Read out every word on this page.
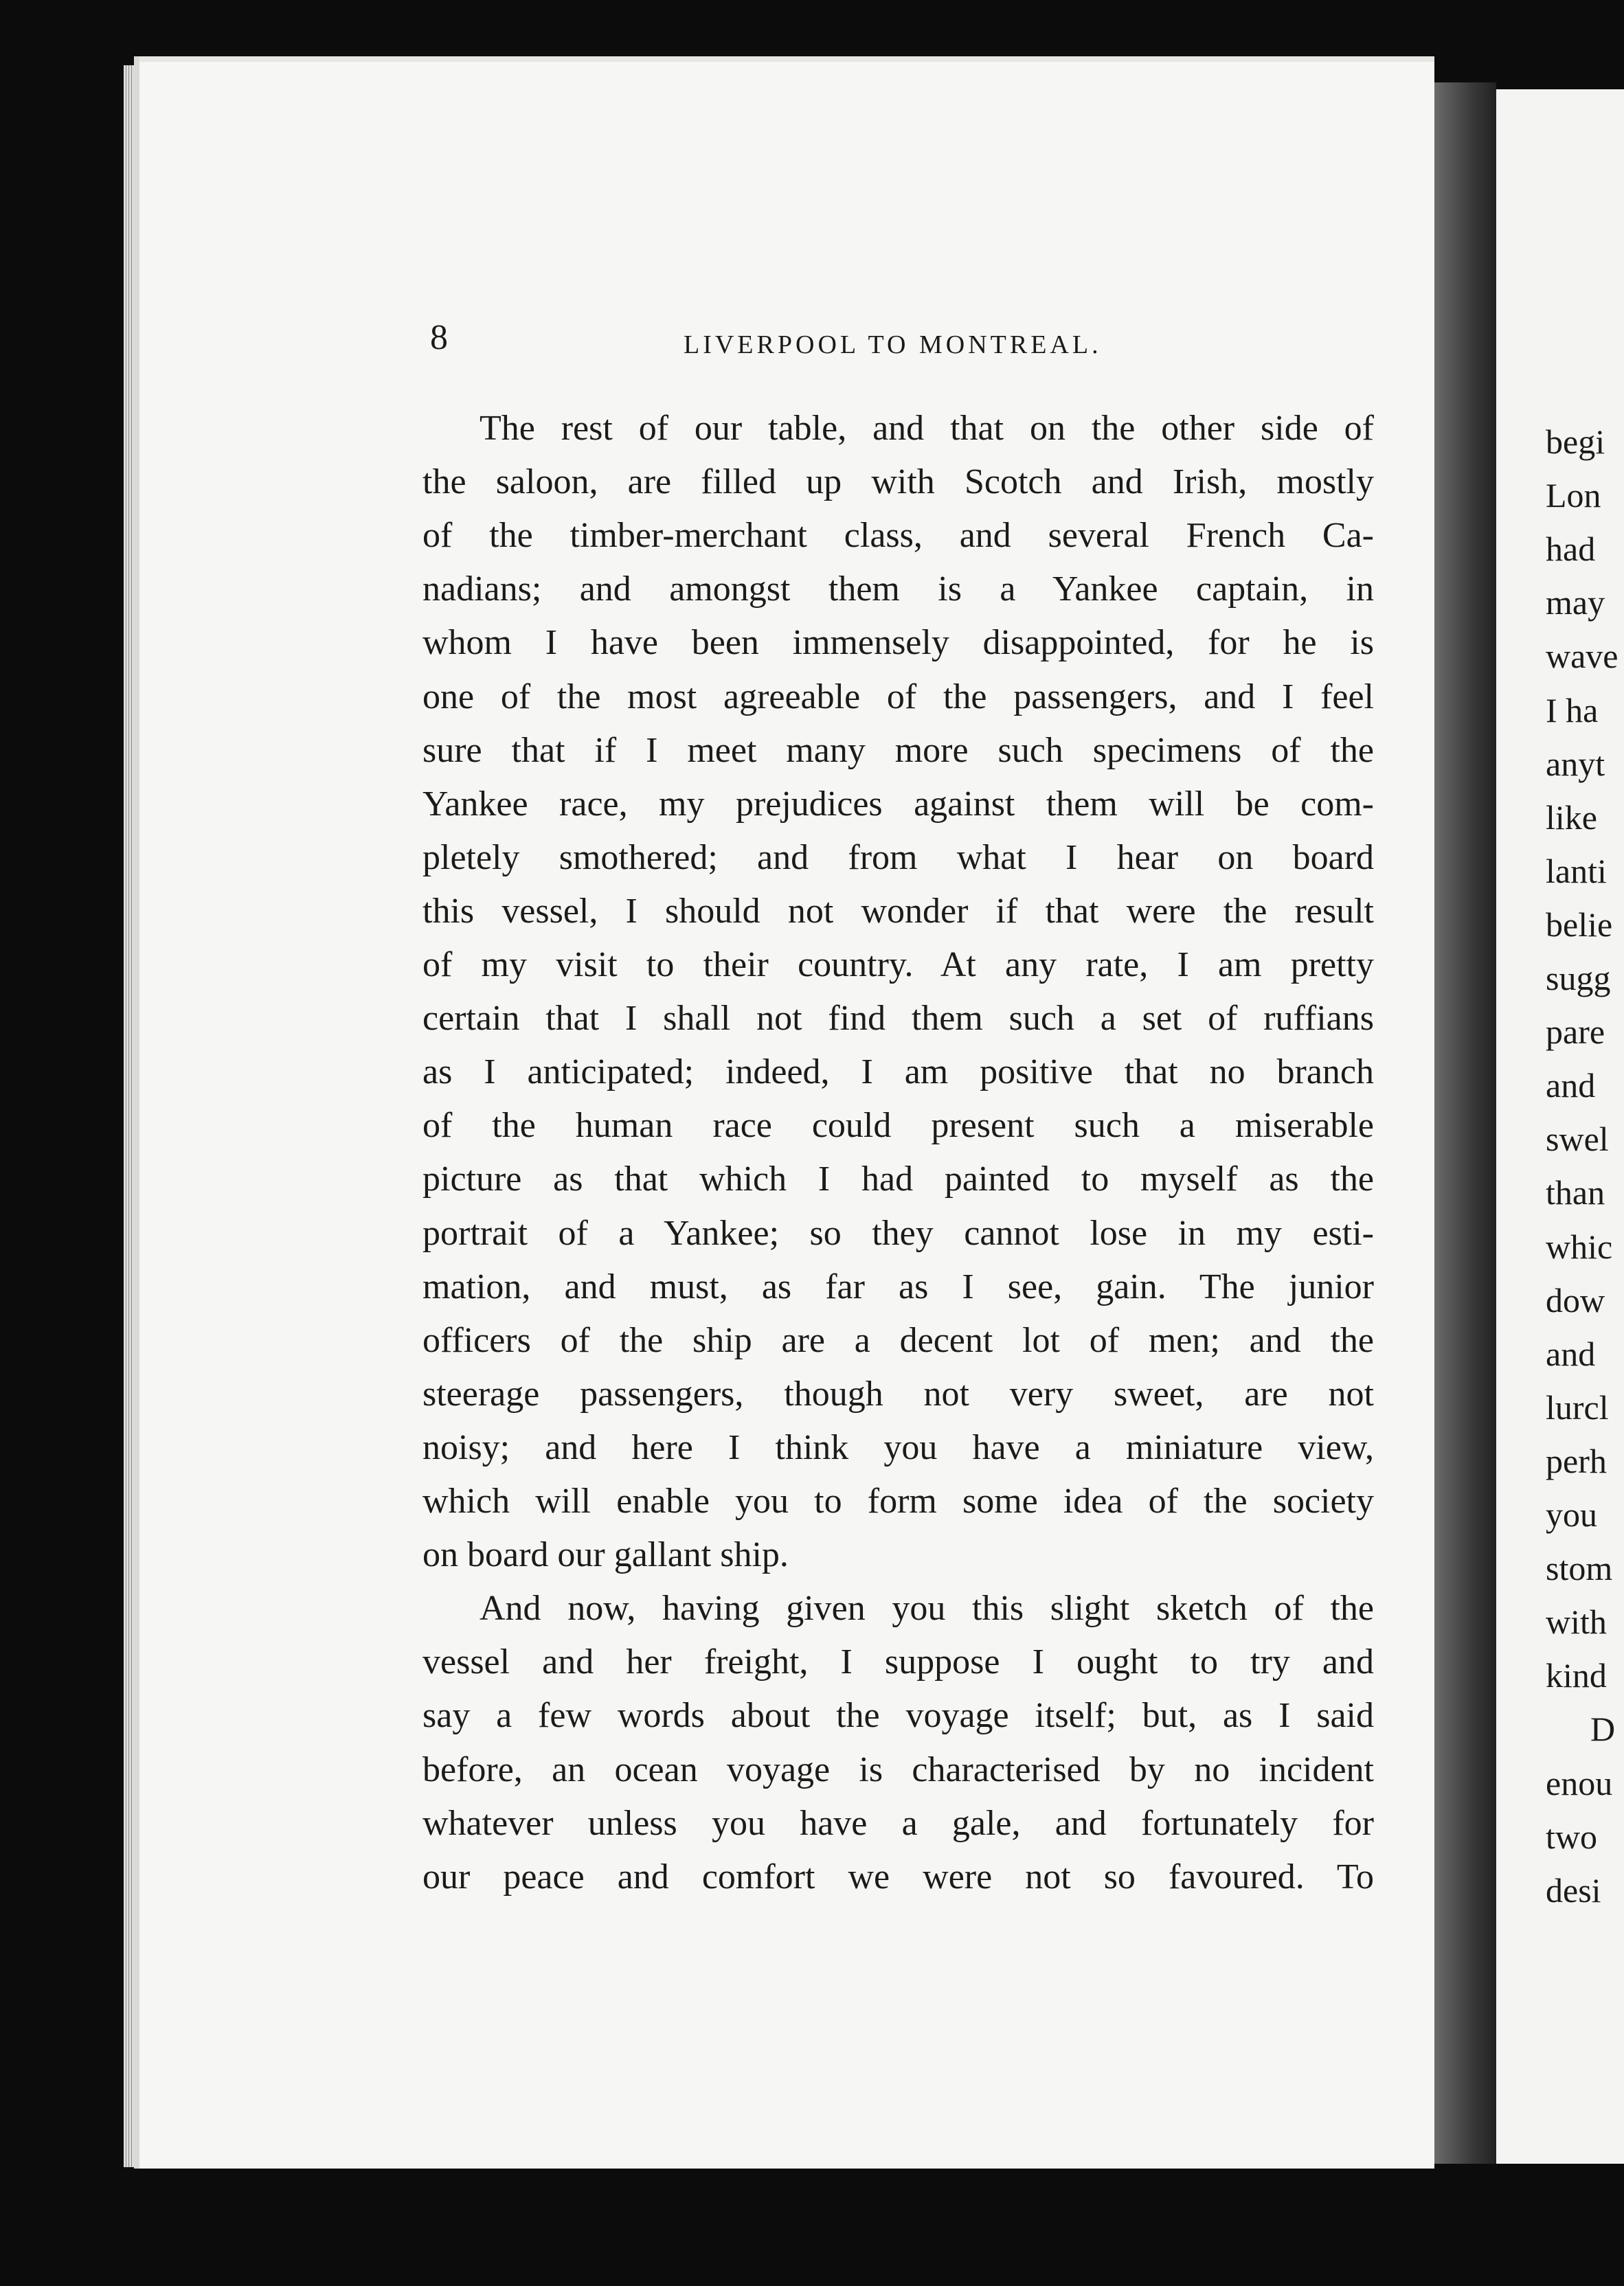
8	LIVERPOOL TO MONTREAL.
The rest of our table, and that on the other side of
the saloon, are filled up with Scotch and Irish, mostly
of the timber-merchant class, and several French Ca-
nadians; and amongst them is a Yankee captain, in
whom I have been immensely disappointed, for he is
one of the most agreeable of the passengers, and I feel
sure that if I meet many more such specimens of the
Yankee race, my prejudices against them will be com-
pletely smothered; and from what I hear on board
this vessel, I should not wonder if that were the result
of my visit to their country. At any rate, I am pretty
certain that I shall not find them such a set of ruffians
as I anticipated; indeed, I am positive that no branch
of the human race could present such a miserable
picture as that which I had painted to myself as the
portrait of a Yankee; so they cannot lose in my esti-
mation, and must, as far as I see, gain. The junior
officers of the ship are a decent lot of men; and the
steerage passengers, though not very sweet, are not
noisy; and here I think you have a miniature view,
which will enable you to form some idea of the society
on board our gallant ship.
And now, having given you this slight sketch of the
vessel and her freight, I suppose I ought to try and
say a few words about the voyage itself; but, as I said
before, an ocean voyage is characterised by no incident
whatever unless you have a gale, and fortunately for
our peace and comfort we were not so favoured. To
begi
Lon
had
may
wave
I ha
anyt
like
lanti
belie
sugg
pare
and
swel
than
whic
dow
and
lurcl
perh
you
stom
with
kind
D
enou
two
desi
